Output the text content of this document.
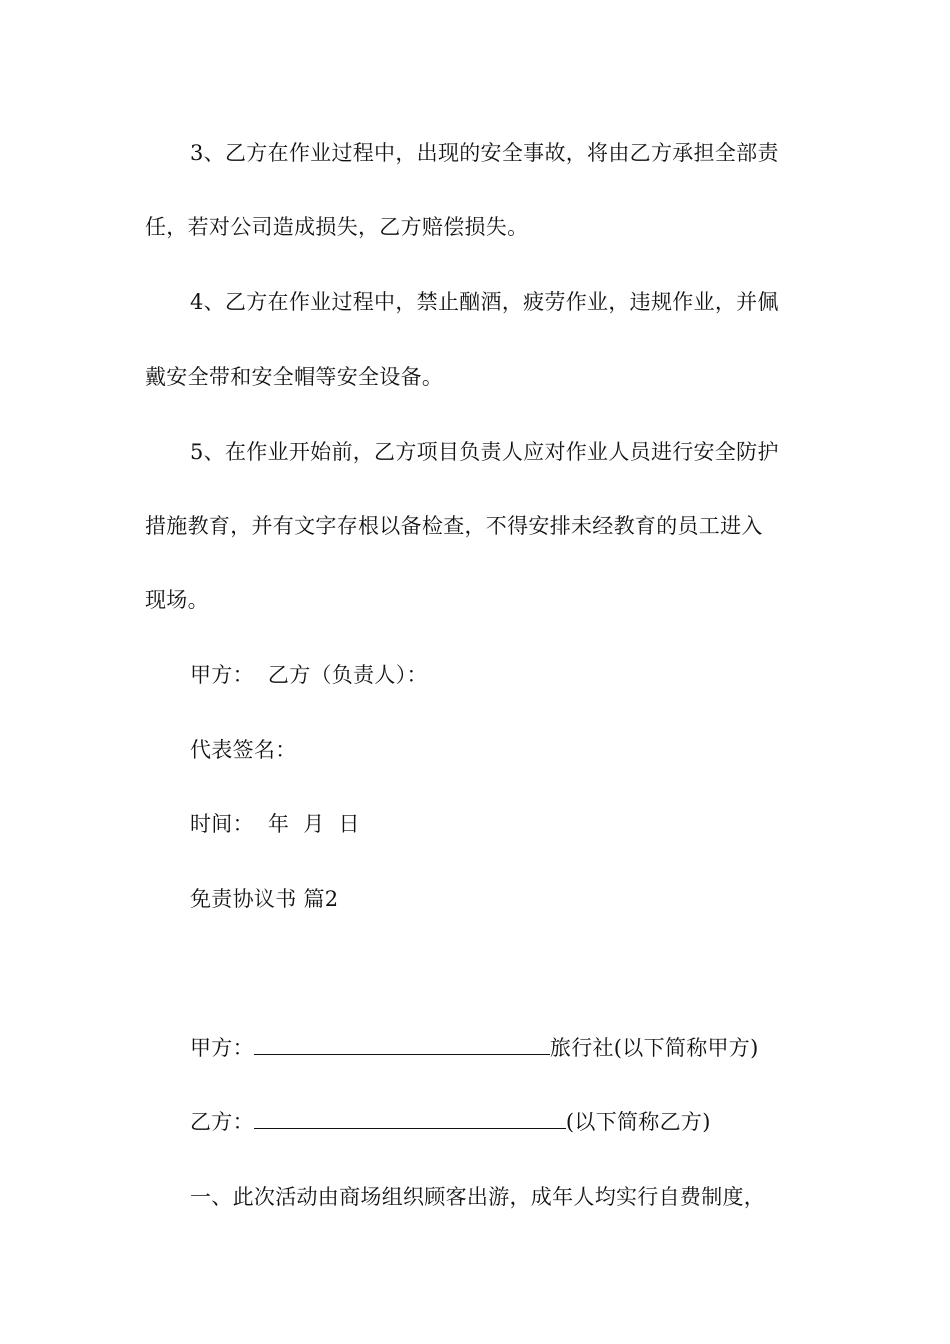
3、乙方在作业过程中，出现的安全事故，将由乙方承担全部责
任，若对公司造成损失，乙方赔偿损失。
4、乙方在作业过程中，禁止酗酒，疲劳作业，违规作业，并佩
戴安全带和安全帽等安全设备。
5、在作业开始前，乙方项目负责人应对作业人员进行安全防护
措施教育，并有文字存根以备检查，不得安排未经教育的员工进入
现场。
甲方： 乙方（负责人）：
代表签名：
时间： 年 月 日
免责协议书 篇2
甲方：	旅行社(以下简称甲方)
乙方：	(以下简称乙方)
一、此次活动由商场组织顾客出游，成年人均实行自费制度，
